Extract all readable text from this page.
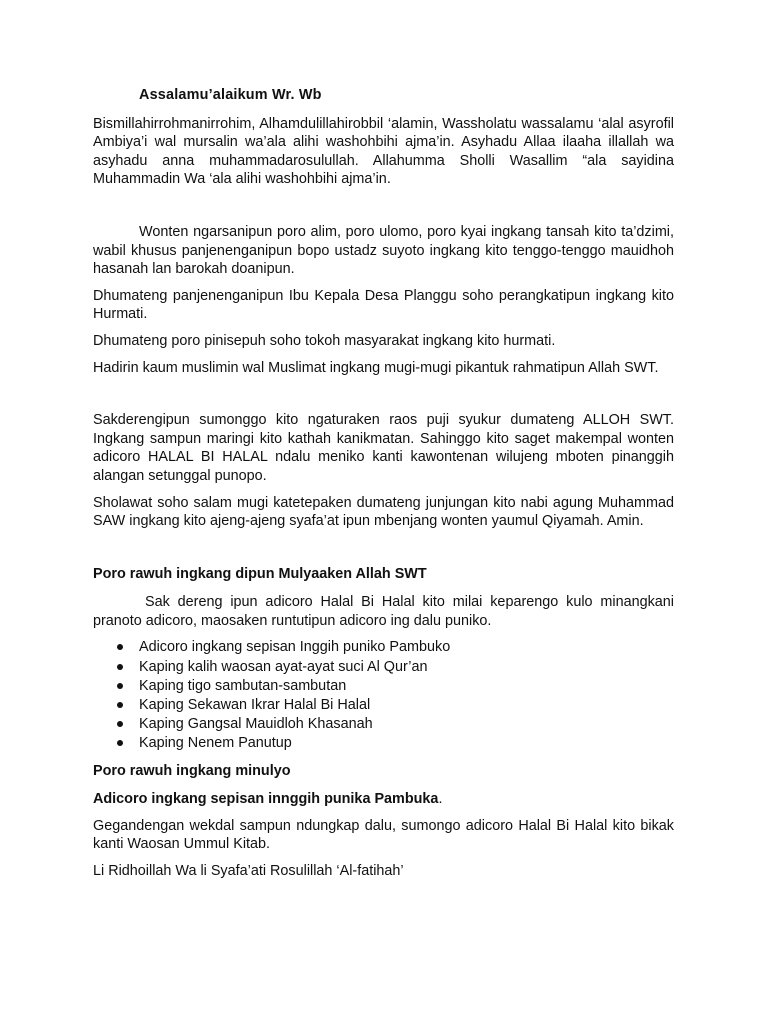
Assalamu’alaikum Wr. Wb

Bismillahirrohmanirrohim, Alhamdulillahirobbil ‘alamin, Wassholatu wassalamu ‘alal asyrofil Ambiya’i wal mursalin wa’ala alihi washohbihi ajma’in. Asyhadu Allaa ilaaha illallah wa asyhadu anna muhammadarosulullah. Allahumma Sholli Wasallim “ala sayidina Muhammadin Wa ‘ala alihi washohbihi ajma’in.

Wonten ngarsanipun poro alim, poro ulomo, poro kyai ingkang tansah kito ta’dzimi, wabil khusus panjenenganipun bopo ustadz suyoto ingkang kito tenggo-tenggo mauidhoh hasanah lan barokah doanipun.

Dhumateng panjenenganipun Ibu Kepala Desa Planggu soho perangkatipun ingkang kito Hurmati.

Dhumateng poro pinisepuh soho tokoh masyarakat ingkang kito hurmati.

Hadirin kaum muslimin wal Muslimat ingkang mugi-mugi pikantuk rahmatipun Allah SWT.

Sakderengipun sumonggo kito ngaturaken raos puji syukur dumateng ALLOH SWT. Ingkang sampun maringi kito kathah kanikmatan. Sahinggo kito saget makempal wonten adicoro HALAL BI HALAL ndalu meniko kanti kawontenan wilujeng mboten pinanggih alangan setunggal punopo.

Sholawat soho salam mugi katetepaken dumateng junjungan kito nabi agung Muhammad SAW ingkang kito ajeng-ajeng syafa’at ipun mbenjang wonten yaumul Qiyamah. Amin.

Poro rawuh ingkang dipun Mulyaaken Allah SWT

Sak dereng ipun adicoro Halal Bi Halal kito milai keparengo kulo minangkani pranoto adicoro, maosaken runtutipun adicoro ing dalu puniko.

Adicoro ingkang sepisan Inggih puniko Pambuko
Kaping kalih waosan ayat-ayat suci Al Qur’an
Kaping tigo sambutan-sambutan
Kaping Sekawan Ikrar Halal Bi Halal
Kaping Gangsal Mauidloh Khasanah
Kaping Nenem Panutup

Poro rawuh ingkang minulyo

Adicoro ingkang sepisan innggih punika Pambuka.

Gegandengan wekdal sampun ndungkap dalu, sumongo adicoro Halal Bi Halal kito bikak kanti Waosan Ummul Kitab.

Li Ridhoillah Wa li Syafa’ati Rosulillah ‘Al-fatihah’
